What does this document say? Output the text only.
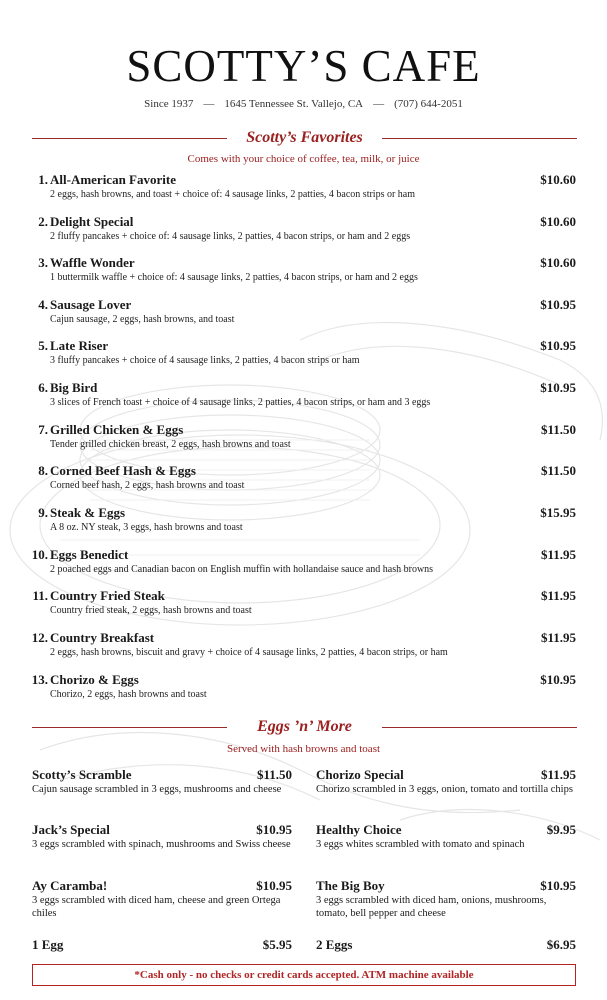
SCOTTY’S CAFE
Since 1937 — 1645 Tennessee St. Vallejo, CA — (707) 644-2051
Scotty’s Favorites
Comes with your choice of coffee, tea, milk, or juice
1. All-American Favorite	$10.60
2 eggs, hash browns, and toast + choice of: 4 sausage links, 2 patties, 4 bacon strips or ham
2. Delight Special	$10.60
2 fluffy pancakes + choice of: 4 sausage links, 2 patties, 4 bacon strips, or ham and 2 eggs
3. Waffle Wonder	$10.60
1 buttermilk waffle + choice of: 4 sausage links, 2 patties, 4 bacon strips, or ham and 2 eggs
4. Sausage Lover	$10.95
Cajun sausage, 2 eggs, hash browns, and toast
5. Late Riser	$10.95
3 fluffy pancakes + choice of 4 sausage links, 2 patties, 4 bacon strips or ham
6. Big Bird	$10.95
3 slices of French toast + choice of 4 sausage links, 2 patties, 4 bacon strips, or ham and 3 eggs
7. Grilled Chicken & Eggs	$11.50
Tender grilled chicken breast, 2 eggs, hash browns and toast
8. Corned Beef Hash & Eggs	$11.50
Corned beef hash, 2 eggs, hash browns and toast
9. Steak & Eggs	$15.95
A 8 oz. NY steak, 3 eggs, hash browns and toast
10. Eggs Benedict	$11.95
2 poached eggs and Canadian bacon on English muffin with hollandaise sauce and hash browns
11. Country Fried Steak	$11.95
Country fried steak, 2 eggs, hash browns and toast
12. Country Breakfast	$11.95
2 eggs, hash browns, biscuit and gravy + choice of 4 sausage links, 2 patties, 4 bacon strips, or ham
13. Chorizo & Eggs	$10.95
Chorizo, 2 eggs, hash browns and toast
Eggs ’n’ More
Served with hash browns and toast
Scotty’s Scramble	$11.50
Cajun sausage scrambled in 3 eggs, mushrooms and cheese
Chorizo Special	$11.95
Chorizo scrambled in 3 eggs, onion, tomato and tortilla chips
Jack’s Special	$10.95
3 eggs scrambled with spinach, mushrooms and Swiss cheese
Healthy Choice	$9.95
3 eggs whites scrambled with tomato and spinach
Ay Caramba!	$10.95
3 eggs scrambled with diced ham, cheese and green Ortega chiles
The Big Boy	$10.95
3 eggs scrambled with diced ham, onions, mushrooms, tomato, bell pepper and cheese
1 Egg	$5.95 2 Eggs	$6.95
*Cash only - no checks or credit cards accepted. ATM machine available
